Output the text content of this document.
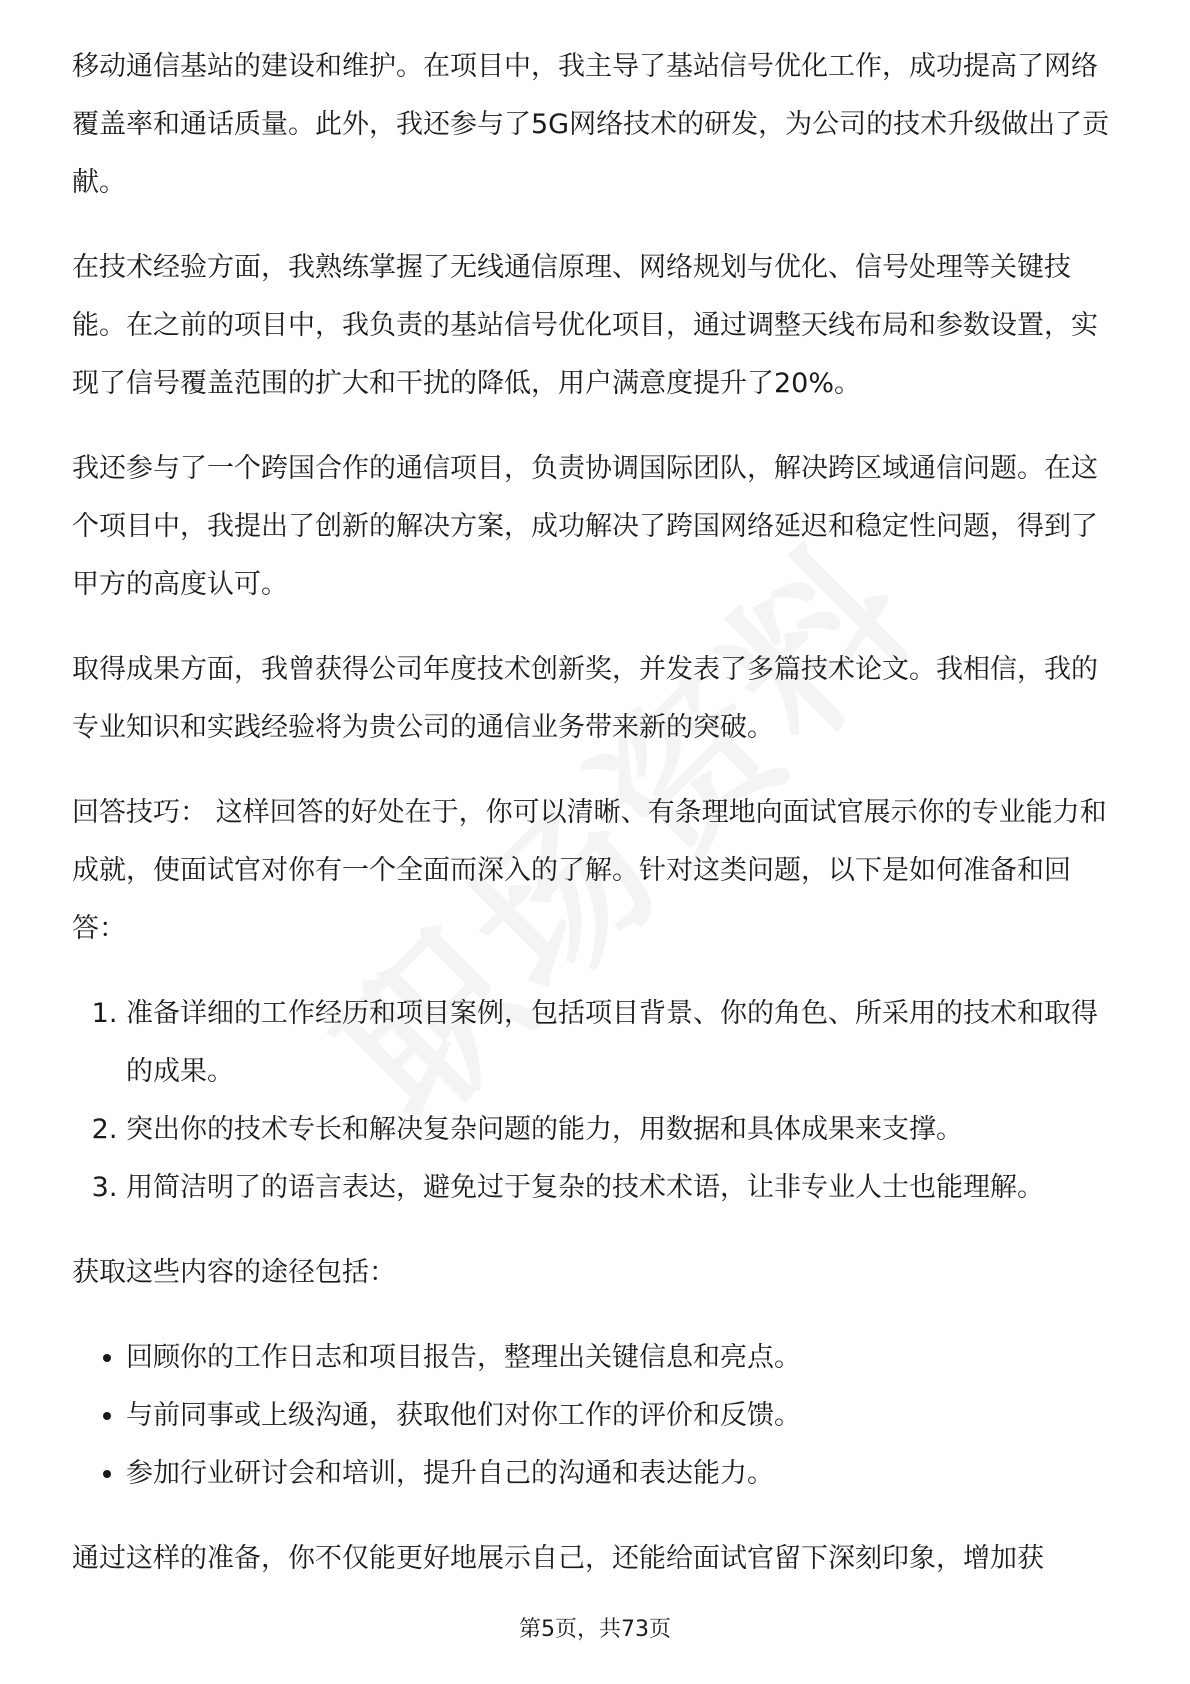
移动通信基站的建设和维护。在项目中，我主导了基站信号优化工作，成功提高了网络覆盖率和通话质量。此外，我还参与了5G网络技术的研发，为公司的技术升级做出了贡献。

在技术经验方面，我熟练掌握了无线通信原理、网络规划与优化、信号处理等关键技能。在之前的项目中，我负责的基站信号优化项目，通过调整天线布局和参数设置，实现了信号覆盖范围的扩大和干扰的降低，用户满意度提升了20%。

我还参与了一个跨国合作的通信项目，负责协调国际团队，解决跨区域通信问题。在这个项目中，我提出了创新的解决方案，成功解决了跨国网络延迟和稳定性问题，得到了甲方的高度认可。

取得成果方面，我曾获得公司年度技术创新奖，并发表了多篇技术论文。我相信，我的专业知识和实践经验将为贵公司的通信业务带来新的突破。

回答技巧： 这样回答的好处在于，你可以清晰、有条理地向面试官展示你的专业能力和成就，使面试官对你有一个全面而深入的了解。针对这类问题，以下是如何准备和回答：

1. 准备详细的工作经历和项目案例，包括项目背景、你的角色、所采用的技术和取得的成果。
2. 突出你的技术专长和解决复杂问题的能力，用数据和具体成果来支撑。
3. 用简洁明了的语言表达，避免过于复杂的技术术语，让非专业人士也能理解。

获取这些内容的途径包括：

• 回顾你的工作日志和项目报告，整理出关键信息和亮点。
• 与前同事或上级沟通，获取他们对你工作的评价和反馈。
• 参加行业研讨会和培训，提升自己的沟通和表达能力。

通过这样的准备，你不仅能更好地展示自己，还能给面试官留下深刻印象，增加获

第5页，共73页
